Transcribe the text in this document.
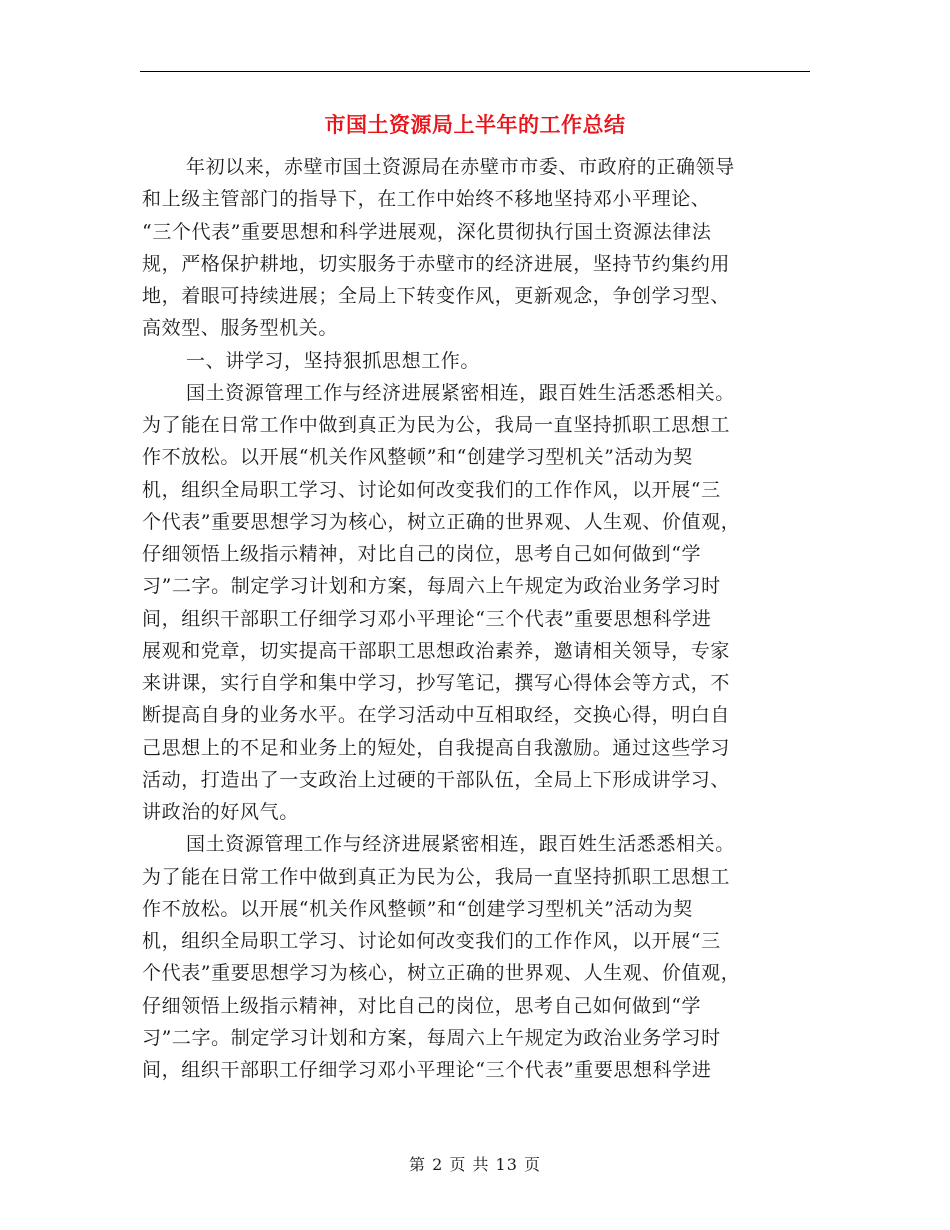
市国土资源局上半年的工作总结
年初以来，赤壁市国土资源局在赤壁市市委、市政府的正确领导
和上级主管部门的指导下，在工作中始终不移地坚持邓小平理论、
“三个代表”重要思想和科学进展观，深化贯彻执行国土资源法律法
规，严格保护耕地，切实服务于赤壁市的经济进展，坚持节约集约用
地，着眼可持续进展；全局上下转变作风，更新观念，争创学习型、
高效型、服务型机关。
一、讲学习，坚持狠抓思想工作。
国土资源管理工作与经济进展紧密相连，跟百姓生活悉悉相关。
为了能在日常工作中做到真正为民为公，我局一直坚持抓职工思想工
作不放松。以开展“机关作风整顿”和“创建学习型机关”活动为契
机，组织全局职工学习、讨论如何改变我们的工作作风，以开展“三
个代表”重要思想学习为核心，树立正确的世界观、人生观、价值观，
仔细领悟上级指示精神，对比自己的岗位，思考自己如何做到“学
习”二字。制定学习计划和方案，每周六上午规定为政治业务学习时
间，组织干部职工仔细学习邓小平理论“三个代表”重要思想科学进
展观和党章，切实提高干部职工思想政治素养，邀请相关领导，专家
来讲课，实行自学和集中学习，抄写笔记，撰写心得体会等方式，不
断提高自身的业务水平。在学习活动中互相取经，交换心得，明白自
己思想上的不足和业务上的短处，自我提高自我激励。通过这些学习
活动，打造出了一支政治上过硬的干部队伍，全局上下形成讲学习、
讲政治的好风气。
国土资源管理工作与经济进展紧密相连，跟百姓生活悉悉相关。
为了能在日常工作中做到真正为民为公，我局一直坚持抓职工思想工
作不放松。以开展“机关作风整顿”和“创建学习型机关”活动为契
机，组织全局职工学习、讨论如何改变我们的工作作风，以开展“三
个代表”重要思想学习为核心，树立正确的世界观、人生观、价值观，
仔细领悟上级指示精神，对比自己的岗位，思考自己如何做到“学
习”二字。制定学习计划和方案，每周六上午规定为政治业务学习时
间，组织干部职工仔细学习邓小平理论“三个代表”重要思想科学进
第 2 页 共 13 页
